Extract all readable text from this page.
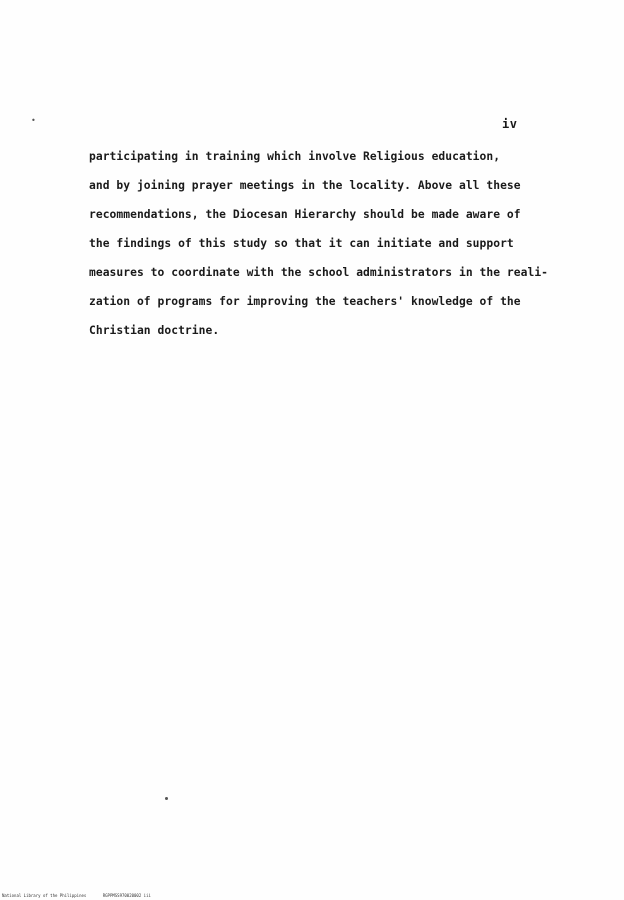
•	iv
participating in training which involve Religious education,
and by joining prayer meetings in the locality. Above all these
recommendations, the Diocesan Hierarchy should be made aware of
the findings of this study so that it can initiate and support
measures to coordinate with the school administrators in the reali-
zation of programs for improving the teachers' knowledge of the
Christian doctrine.
National Library of the Philippines	RGPPMSS970020002 iii
